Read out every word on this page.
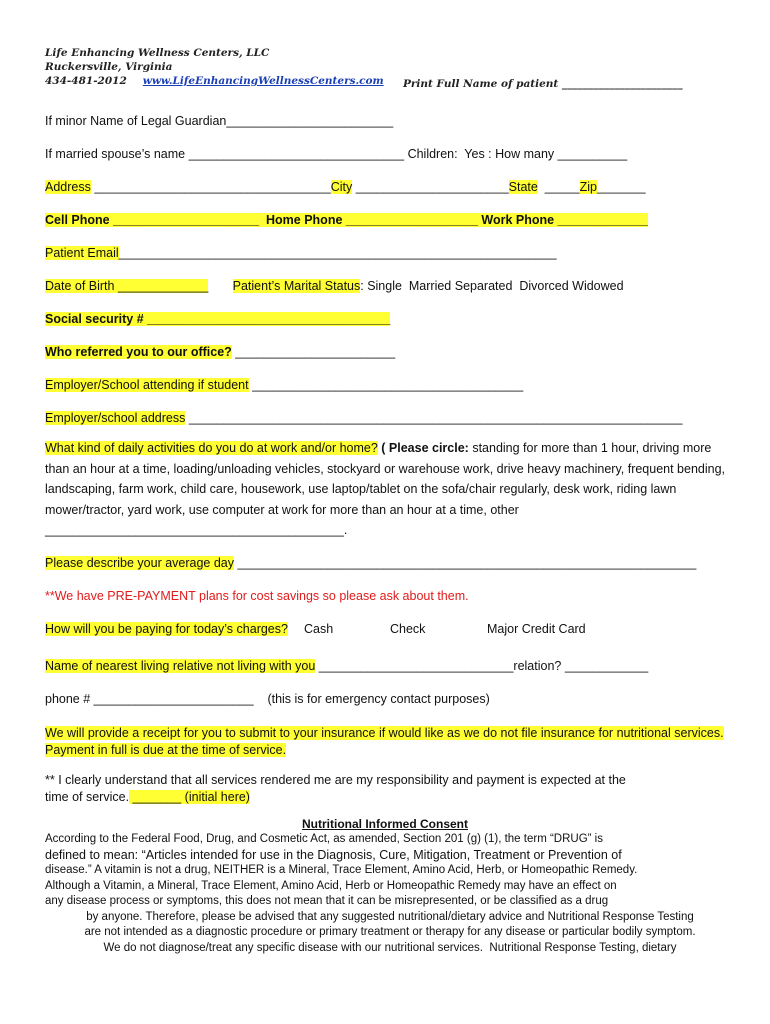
Life Enhancing Wellness Centers, LLC
Ruckersville, Virginia
434-481-2012 www.LifeEnhancingWellnessCenters.com Print Full Name of patient _______________________
If minor Name of Legal Guardian________________________
If married spouse’s name _______________________________ Children:  Yes : How many __________
Address __________________________________City ______________________State  _____Zip_______
Cell Phone _____________________  Home Phone ___________________ Work Phone _____________
Patient Email_______________________________________________________________
Date of Birth _____________ Patient’s Marital Status: Single  Married Separated  Divorced Widowed
Social security # ___________________________________
Who referred you to our office? _______________________
Employer/School attending if student _______________________________________
Employer/school address _______________________________________________________________________
What kind of daily activities do you do at work and/or home? ( Please circle: standing for more than 1 hour, driving more than an hour at a time, loading/unloading vehicles, stockyard or warehouse work, drive heavy machinery, frequent bending, landscaping, farm work, child care, housework, use laptop/tablet on the sofa/chair regularly, desk work, riding lawn mower/tractor, yard work, use computer at work for more than an hour at a time, other ___________________________________________.
Please describe your average day __________________________________________________________________
**We have PRE-PAYMENT plans for cost savings so please ask about them.
How will you be paying for today’s charges? Cash	Check	Major Credit Card
Name of nearest living relative not living with you ____________________________relation? ____________
phone # _______________________    (this is for emergency contact purposes)
We will provide a receipt for you to submit to your insurance if would like as we do not file insurance for nutritional services. Payment in full is due at the time of service.
** I clearly understand that all services rendered me are my responsibility and payment is expected at the time of service. _______ (initial here)
Nutritional Informed Consent
According to the Federal Food, Drug, and Cosmetic Act, as amended, Section 201 (g) (1), the term “DRUG” is
defined to mean: “Articles intended for use in the Diagnosis, Cure, Mitigation, Treatment or Prevention of
disease.” A vitamin is not a drug, NEITHER is a Mineral, Trace Element, Amino Acid, Herb, or Homeopathic Remedy.
Although a Vitamin, a Mineral, Trace Element, Amino Acid, Herb or Homeopathic Remedy may have an effect on
any disease process or symptoms, this does not mean that it can be misrepresented, or be classified as a drug
by anyone. Therefore, please be advised that any suggested nutritional/dietary advice and Nutritional Response Testing
are not intended as a diagnostic procedure or primary treatment or therapy for any disease or particular bodily symptom.
We do not diagnose/treat any specific disease with our nutritional services.  Nutritional Response Testing, dietary
